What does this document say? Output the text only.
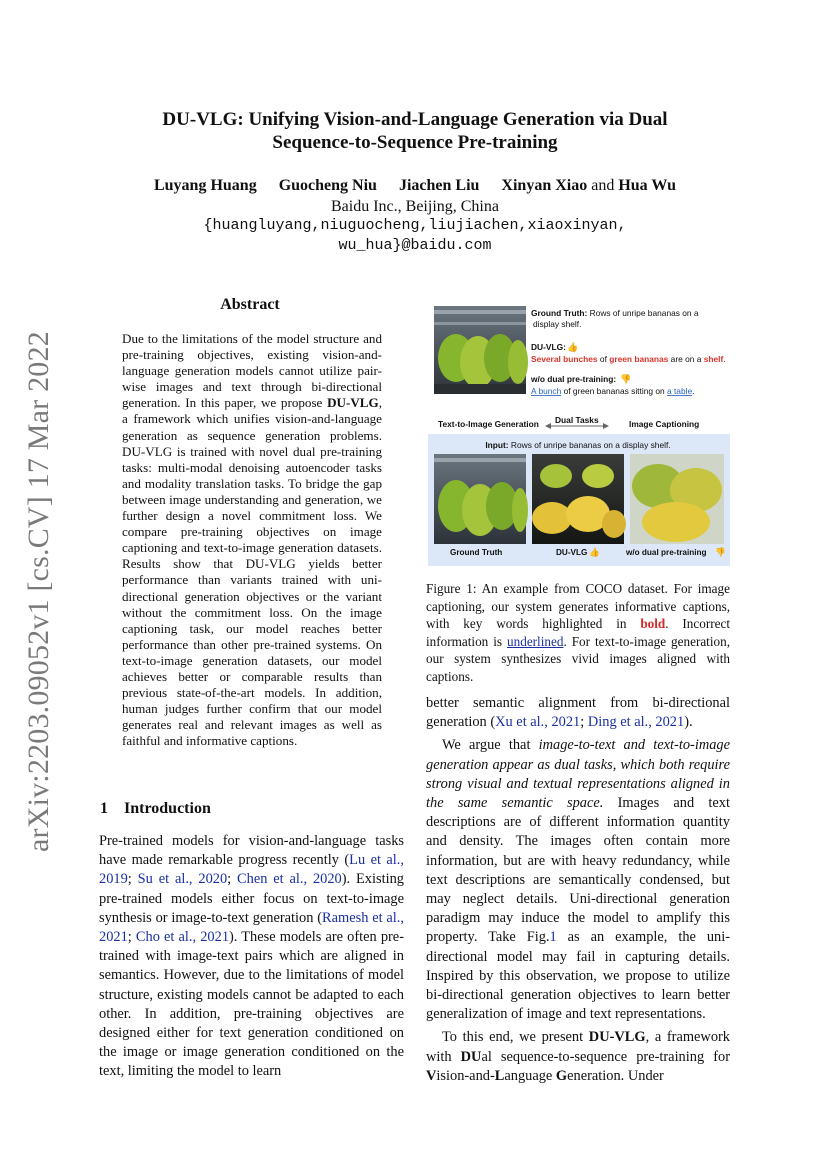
arXiv:2203.09052v1 [cs.CV] 17 Mar 2022
DU-VLG: Unifying Vision-and-Language Generation via Dual
Sequence-to-Sequence Pre-training
Luyang Huang Guocheng Niu Jiachen Liu Xinyan Xiao and Hua Wu
Baidu Inc., Beijing, China
{huangluyang,niuguocheng,liujiachen,xiaoxinyan,
wu_hua}@baidu.com
Abstract
Due to the limitations of the model structure and pre-training objectives, existing vision-and-language generation models cannot utilize pair-wise images and text through bi-directional generation. In this paper, we propose DU-VLG, a framework which unifies vision-and-language generation as sequence generation problems. DU-VLG is trained with novel dual pre-training tasks: multi-modal denoising autoencoder tasks and modality translation tasks. To bridge the gap between image understanding and generation, we further design a novel commitment loss. We compare pre-training objectives on image captioning and text-to-image generation datasets. Results show that DU-VLG yields better performance than variants trained with uni-directional generation objectives or the variant without the commitment loss. On the image captioning task, our model reaches better performance than other pre-trained systems. On text-to-image generation datasets, our model achieves better or comparable results than previous state-of-the-art models. In addition, human judges further confirm that our model generates real and relevant images as well as faithful and informative captions.
1 Introduction
Pre-trained models for vision-and-language tasks have made remarkable progress recently (Lu et al., 2019; Su et al., 2020; Chen et al., 2020). Existing pre-trained models either focus on text-to-image synthesis or image-to-text generation (Ramesh et al., 2021; Cho et al., 2021). These models are often pre-trained with image-text pairs which are aligned in semantics. However, due to the limitations of model structure, existing models cannot be adapted to each other. In addition, pre-training objectives are designed either for text generation conditioned on the image or image generation conditioned on the text, limiting the model to learn

better semantic alignment from bi-directional generation (Xu et al., 2021; Ding et al., 2021).

We argue that image-to-text and text-to-image generation appear as dual tasks, which both require strong visual and textual representations aligned in the same semantic space. Images and text descriptions are of different information quantity and density. The images often contain more information, but are with heavy redundancy, while text descriptions are semantically condensed, but may neglect details. Uni-directional generation paradigm may induce the model to amplify this property. Take Fig.1 as an example, the uni-directional model may fail in capturing details. Inspired by this observation, we propose to utilize bi-directional generation objectives to learn better generalization of image and text representations.

To this end, we present DU-VLG, a framework with DUal sequence-to-sequence pre-training for Vision-and-Language Generation. Under

Ground Truth: Rows of unripe bananas on a
display shelf.
DU-VLG: 👍
Several bunches of green bananas are on a shelf.
w/o dual pre-training: 👎
A bunch of green bananas sitting on a table.
Text-to-Image Generation Dual Tasks	Image Captioning
Input: Rows of unripe bananas on a display shelf.
Ground Truth	DU-VLG 👍	w/o dual pre-training 👎
Figure 1: An example from COCO dataset. For image captioning, our system generates informative captions, with key words highlighted in bold. Incorrect information is underlined. For text-to-image generation, our system synthesizes vivid images aligned with captions.
